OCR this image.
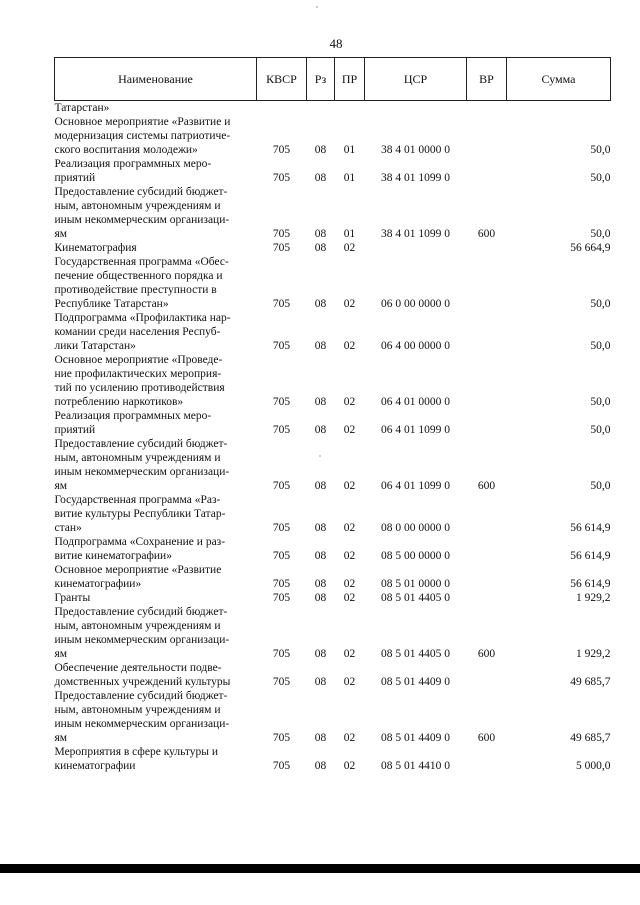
48
Наименование	КВСР	Рз	ПР	ЦСР	ВР	Сумма
Татарстан»						
Основное мероприятие «Развитие и
модернизация системы патриотиче-
ского воспитания молодежи»	705	08	01	38 4 01 0000 0		50,0
Реализация программных меро-
приятий	705	08	01	38 4 01 1099 0		50,0
Предоставление субсидий бюджет-
ным, автономным учреждениям и
иным некоммерческим организаци-
ям	705	08	01	38 4 01 1099 0	600	50,0
Кинематография	705	08	02			56 664,9
Государственная программа «Обес-
печение общественного порядка и
противодействие преступности в
Республике Татарстан»	705	08	02	06 0 00 0000 0		50,0
Подпрограмма «Профилактика нар-
комании среди населения Респуб-
лики Татарстан»	705	08	02	06 4 00 0000 0		50,0
Основное мероприятие «Проведе-
ние профилактических мероприя-
тий по усилению противодействия
потреблению наркотиков»	705	08	02	06 4 01 0000 0		50,0
Реализация программных меро-
приятий	705	08	02	06 4 01 1099 0		50,0
Предоставление субсидий бюджет-
ным, автономным учреждениям и
иным некоммерческим организаци-
ям	705	08	02	06 4 01 1099 0	600	50,0
Государственная программа «Раз-
витие культуры Республики Татар-
стан»	705	08	02	08 0 00 0000 0		56 614,9
Подпрограмма «Сохранение и раз-
витие кинематографии»	705	08	02	08 5 00 0000 0		56 614,9
Основное мероприятие «Развитие
кинематографии»	705	08	02	08 5 01 0000 0		56 614,9
Гранты	705	08	02	08 5 01 4405 0		1 929,2
Предоставление субсидий бюджет-
ным, автономным учреждениям и
иным некоммерческим организаци-
ям	705	08	02	08 5 01 4405 0	600	1 929,2
Обеспечение деятельности подве-
домственных учреждений культуры	705	08	02	08 5 01 4409 0		49 685,7
Предоставление субсидий бюджет-
ным, автономным учреждениям и
иным некоммерческим организаци-
ям	705	08	02	08 5 01 4409 0	600	49 685,7
Мероприятия в сфере культуры и
кинематографии	705	08	02	08 5 01 4410 0		5 000,0
